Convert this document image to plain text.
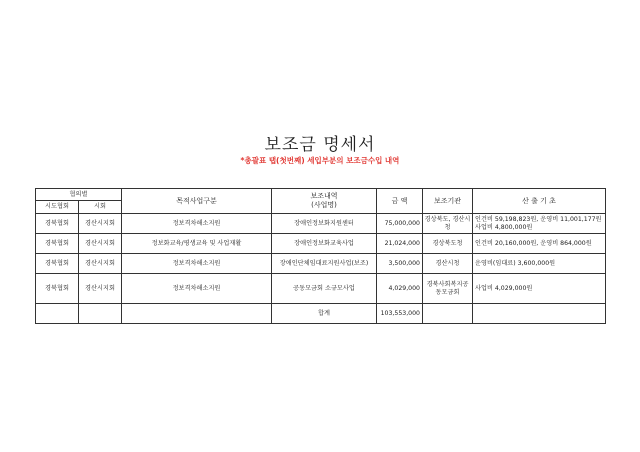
보조금 명세서
*총괄표 탭(첫번째) 세입부분의 보조금수입 내역
협의별		목적사업구분	보조내역
(사업명)	금 액	보조기관	산 출 기 초
시도협회	시회					
경북협회	경산시지회	정보격차해소지원	장애인정보화지원센터	75,000,000	경상북도, 경산시청	인건비 59,198,823원, 운영비 11,001,177원사업비 4,800,000원
경북협회	경산시지회	정보화교육/평생교육 및 사업재활	장애인정보화교육사업	21,024,000	경상북도청	인건비 20,160,000원, 운영비 864,000원
경북협회	경산시지회	정보격차해소지원	장애인단체임대료지원사업(보조)	3,500,000	경산시청	운영비(임대료) 3,600,000원
경북협회	경산시지회	정보격차해소지원	공동모금회 소규모사업	4,029,000	경북사회복지공동모금회	사업비 4,029,000원
			합계	103,553,000		
